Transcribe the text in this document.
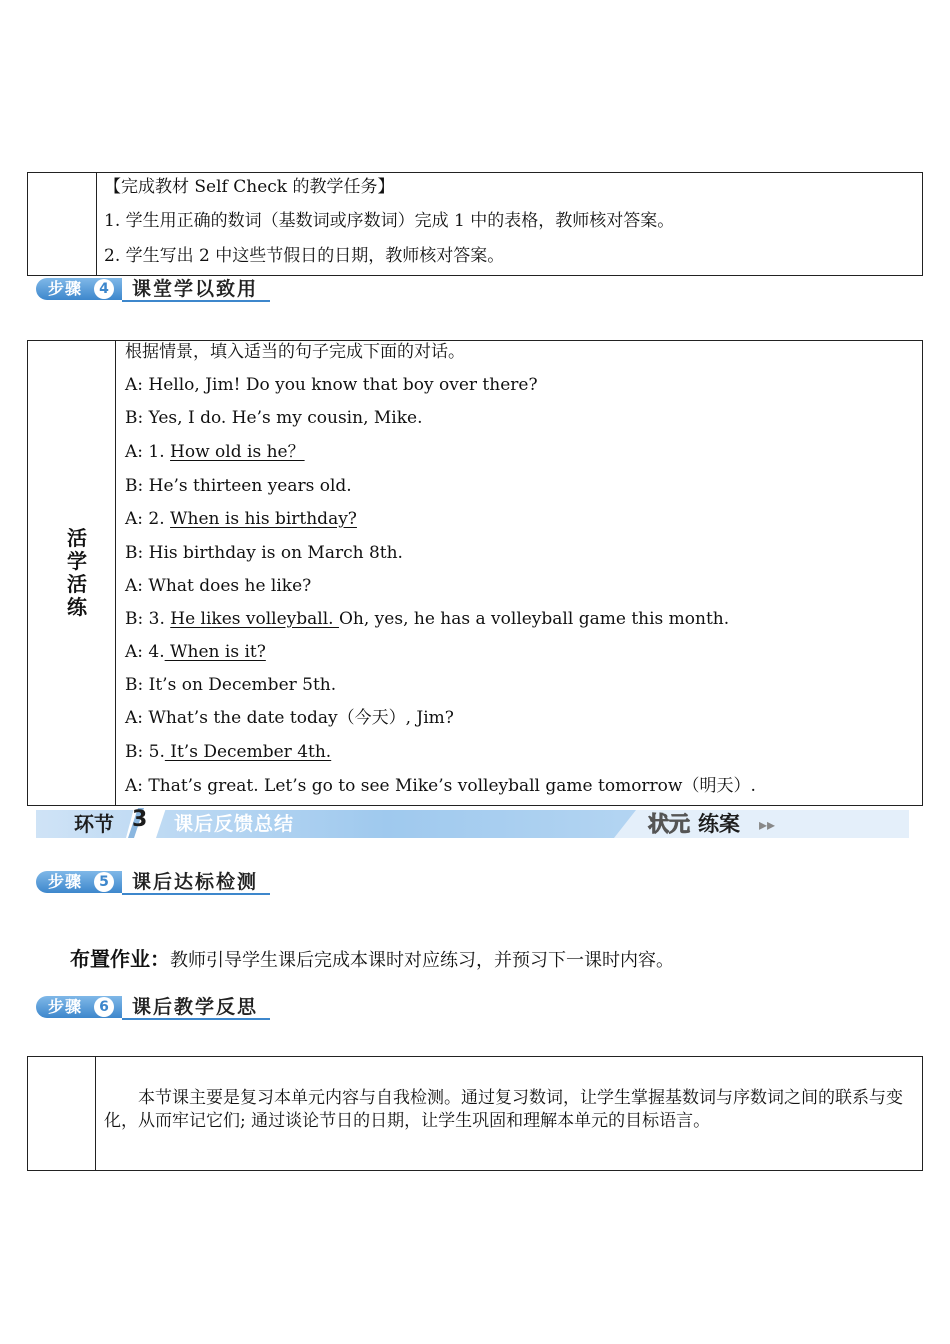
【完成教材 Self Check 的教学任务】
1. 学生用正确的数词（基数词或序数词）完成 1 中的表格，教师核对答案。
2. 学生写出 2 中这些节假日的日期，教师核对答案。
步骤	4 课堂学以致用
活
学
活
练
根据情景，填入适当的句子完成下面的对话。
A: Hello, Jim! Do you know that boy over there?
B: Yes, I do. He’s my cousin, Mike.
A: 1. How old is he？
B: He’s thirteen years old.
A: 2. When is his birthday?
B: His birthday is on March 8th.
A: What does he like?
B: 3. He likes volleyball. Oh, yes, he has a volleyball game this month.
A: 4. When is it?
B: It’s on December 5th.
A: What’s the date today（今天）, Jim?
B: 5. It’s December 4th.
A: That’s great. Let’s go to see Mike’s volleyball game tomorrow（明天）.
环节 3 课后反馈总结	状元 练案 ▸▸
步骤	5 课后达标检测
布置作业：教师引导学生课后完成本课时对应练习，并预习下一课时内容。
步骤	6 课后教学反思
本节课主要是复习本单元内容与自我检测。通过复习数词，让学生掌握基数词与序数词之间的联系与变化，从而牢记它们; 通过谈论节日的日期，让学生巩固和理解本单元的目标语言。
